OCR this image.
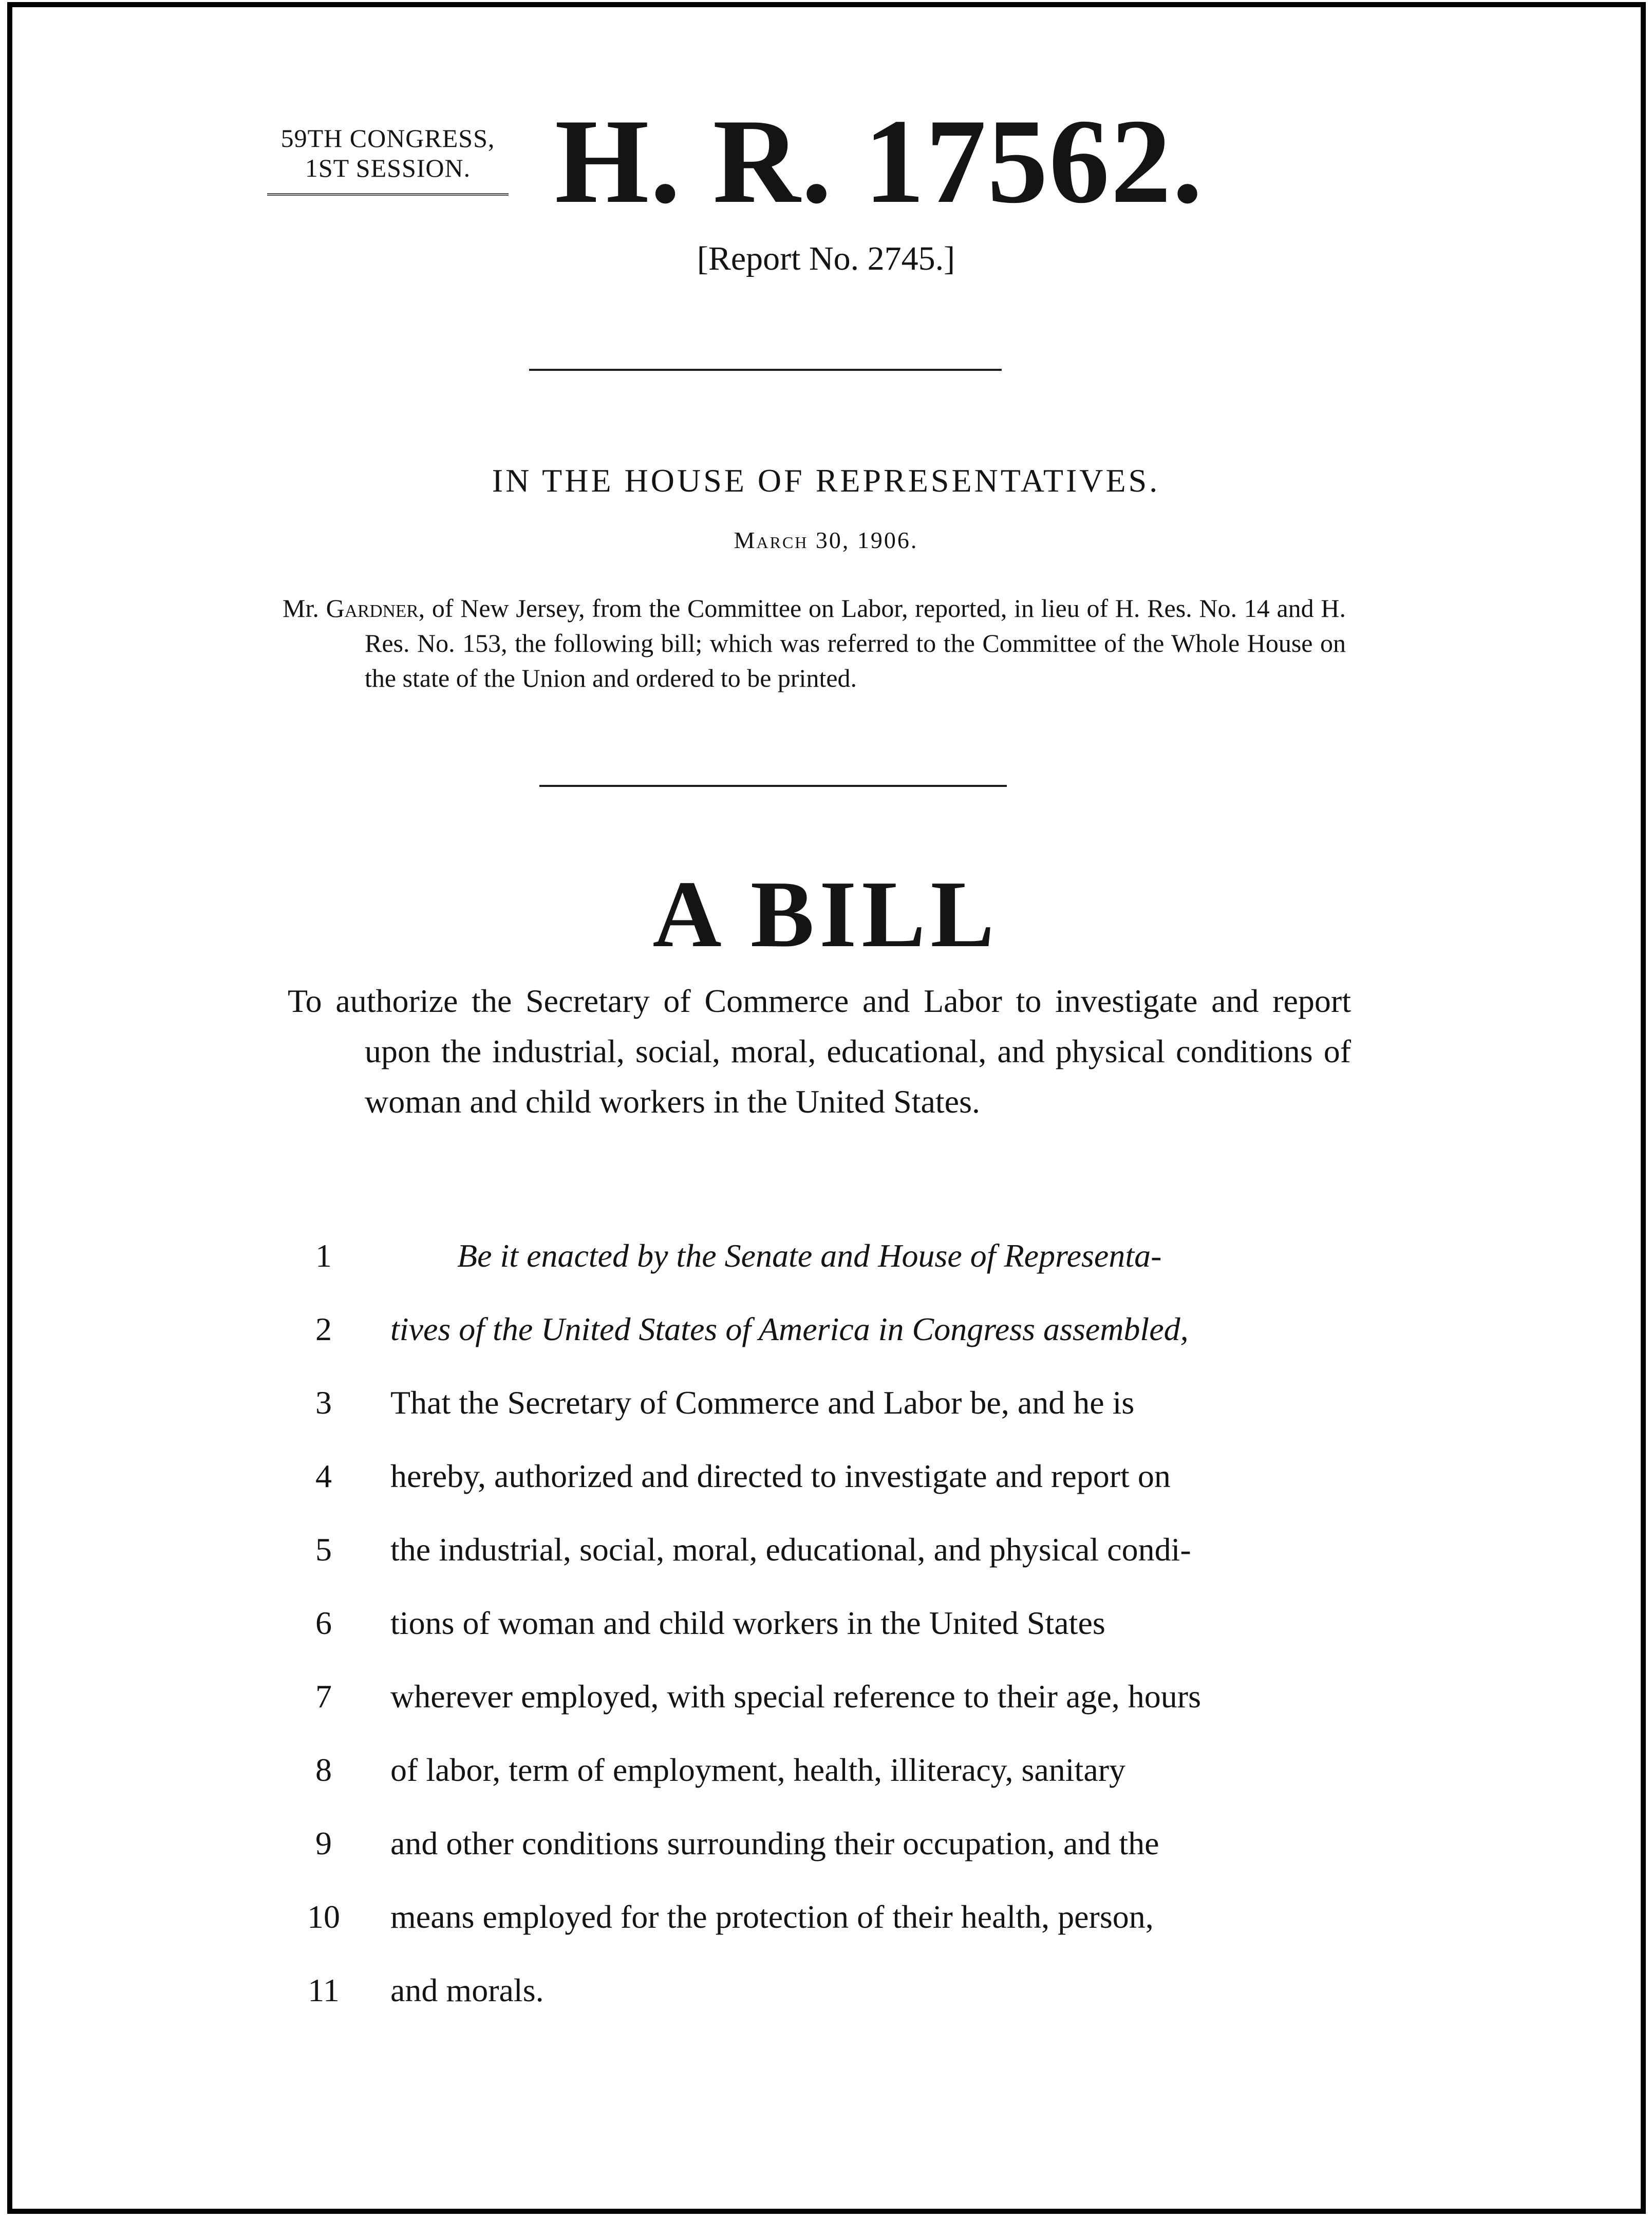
59TH CONGRESS,
1ST SESSION. H. R. 17562.
[Report No. 2745.]
IN THE HOUSE OF REPRESENTATIVES.
March 30, 1906.
Mr. Gardner, of New Jersey, from the Committee on Labor, reported, in lieu of H. Res. No. 14 and H. Res. No. 153, the following bill; which was referred to the Committee of the Whole House on the state of the Union and ordered to be printed.
A BILL
To authorize the Secretary of Commerce and Labor to investigate and report upon the industrial, social, moral, educational, and physical conditions of woman and child workers in the United States.
1	Be it enacted by the Senate and House of Representa-
2	tives of the United States of America in Congress assembled,
3	That the Secretary of Commerce and Labor be, and he is
4	hereby, authorized and directed to investigate and report on
5	the industrial, social, moral, educational, and physical condi-
6	tions of woman and child workers in the United States
7	wherever employed, with special reference to their age, hours
8	of labor, term of employment, health, illiteracy, sanitary
9	and other conditions surrounding their occupation, and the
10	means employed for the protection of their health, person,
11	and morals.
